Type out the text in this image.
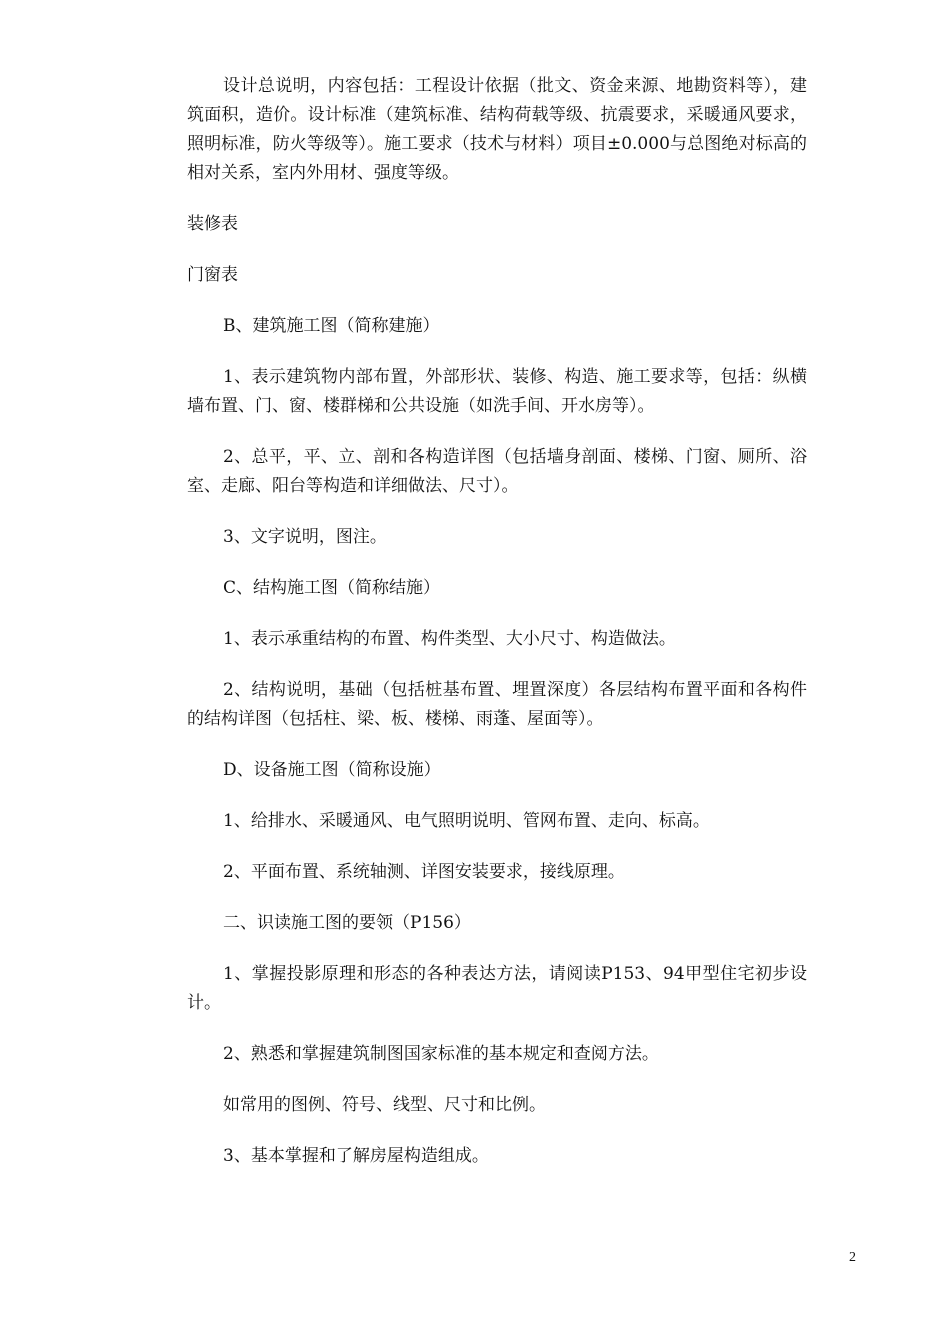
设计总说明，内容包括：工程设计依据（批文、资金来源、地勘资料等），建筑面积，造价。设计标准（建筑标准、结构荷载等级、抗震要求，采暖通风要求，照明标准，防火等级等）。施工要求（技术与材料）项目±0.000与总图绝对标高的相对关系，室内外用材、强度等级。

装修表

门窗表

B、建筑施工图（简称建施）

1、表示建筑物内部布置，外部形状、装修、构造、施工要求等，包括：纵横墙布置、门、窗、楼群梯和公共设施（如洗手间、开水房等）。

2、总平，平、立、剖和各构造详图（包括墙身剖面、楼梯、门窗、厕所、浴室、走廊、阳台等构造和详细做法、尺寸）。

3、文字说明，图注。

C、结构施工图（简称结施）

1、表示承重结构的布置、构件类型、大小尺寸、构造做法。

2、结构说明，基础（包括桩基布置、埋置深度）各层结构布置平面和各构件的结构详图（包括柱、梁、板、楼梯、雨蓬、屋面等）。

D、设备施工图（简称设施）

1、给排水、采暖通风、电气照明说明、管网布置、走向、标高。

2、平面布置、系统轴测、详图安装要求，接线原理。

二、识读施工图的要领（P156）

1、掌握投影原理和形态的各种表达方法，请阅读P153、94甲型住宅初步设计。

2、熟悉和掌握建筑制图国家标准的基本规定和查阅方法。

如常用的图例、符号、线型、尺寸和比例。

3、基本掌握和了解房屋构造组成。

2
